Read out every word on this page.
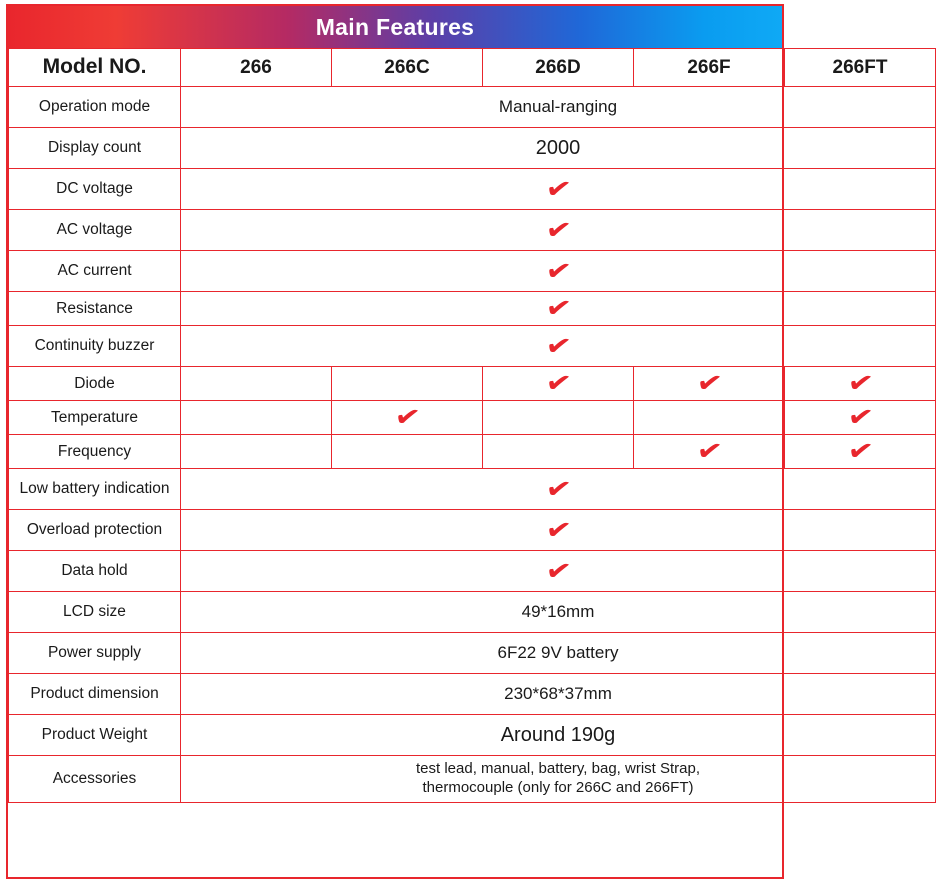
Main Features
Model NO.	266	266C	266D	266F	266FT
Operation mode	Manual-ranging				
Display count	2000				
DC voltage	✔				
AC voltage	✔				
AC current	✔				
Resistance	✔				
Continuity buzzer	✔				
Diode			✔	✔	✔
Temperature		✔			✔
Frequency				✔	✔
Low battery indication	✔				
Overload protection	✔				
Data hold	✔				
LCD size	49*16mm				
Power supply	6F22 9V battery				
Product dimension	230*68*37mm				
Product Weight	Around 190g				
Accessories	test lead, manual, battery, bag, wrist Strap,
thermocouple (only for 266C and 266FT)				
